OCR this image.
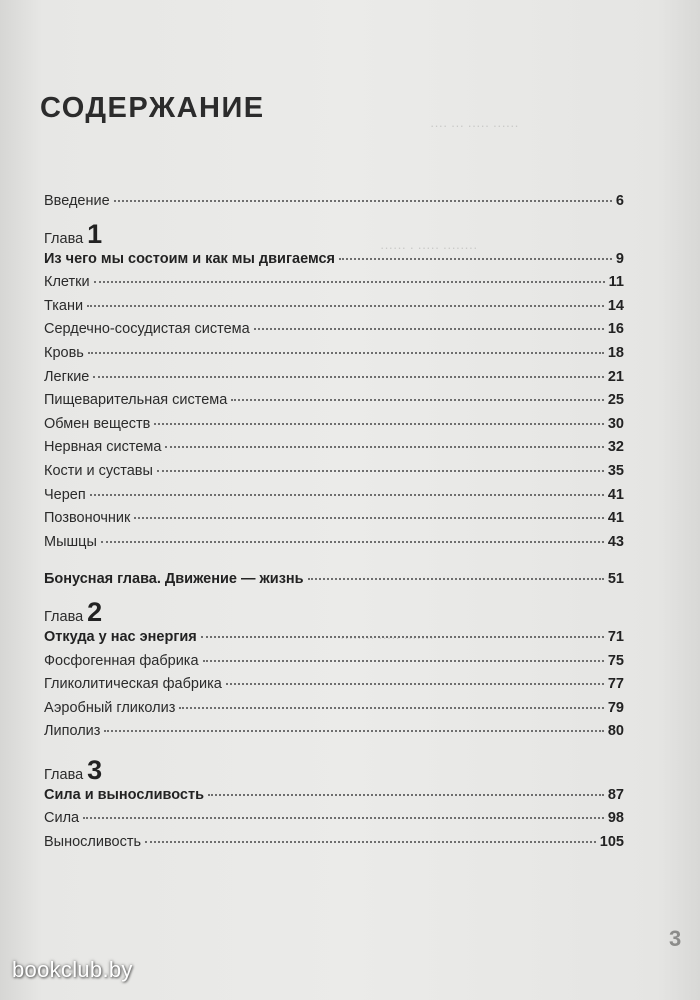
···· ··· ····· ······
······ · ····· ········
········ ····· ·······
СОДЕРЖАНИЕ
Введение	6
Глава 1
Из чего мы состоим и как мы двигаемся	9
Клетки	11
Ткани	14
Сердечно-сосудистая система	16
Кровь	18
Легкие	21
Пищеварительная система	25
Обмен веществ	30
Нервная система	32
Кости и суставы	35
Череп	41
Позвоночник	41
Мышцы	43
Бонусная глава. Движение — жизнь	51
Глава 2
Откуда у нас энергия	71
Фосфогенная фабрика	75
Гликолитическая фабрика	77
Аэробный гликолиз	79
Липолиз	80
Глава 3
Сила и выносливость	87
Сила	98
Выносливость	105
3
bookclub.by
